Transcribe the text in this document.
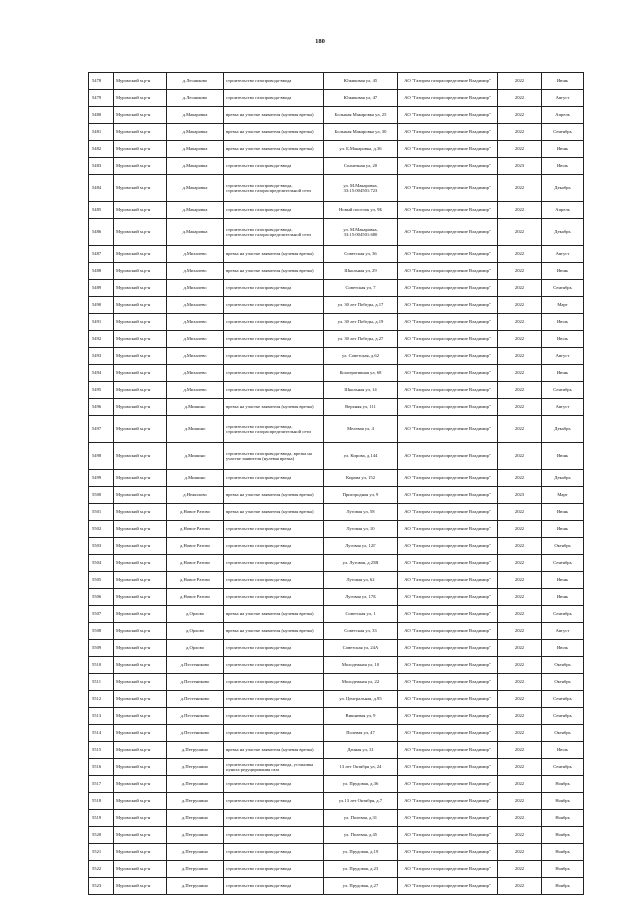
180
5478	Муромский м.р-н	д.Лесниково	строительство газопровода-ввода	Южиковая ул, 45	АО "Газпром газораспределение Владимир"	2022	Июнь
5479	Муромский м.р-н	д.Лесниково	строительство газопровода-ввода	Южиковая ул, 47	АО "Газпром газораспределение Владимир"	2022	Август
5480	Муромский м.р-н	д.Макаровка	врезка на участке заявителя (нулевая врезка)	Большая Макаровка ул, 25	АО "Газпром газораспределение Владимир"	2022	Апрель
5481	Муромский м.р-н	д.Макаровка	врезка на участке заявителя (нулевая врезка)	Большая Макаровка ул, 30	АО "Газпром газораспределение Владимир"	2022	Сентябрь
5482	Муромский м.р-н	д.Макаровка	врезка на участке заявителя (нулевая врезка)	ул. Б.Макаровка, д.36	АО "Газпром газораспределение Владимир"	2022	Июнь
5483	Муромский м.р-н	д.Макаровка	строительство газопровода-ввода	Солнечная ул, 20	АО "Газпром газораспределение Владимир"	2023	Июль
5484	Муромский м.р-н	д.Макаровка	строительство газопровода-ввода, строительство газораспределительной сети	ул. М.Макаровка, 33:15:004501:723	АО "Газпром газораспределение Владимир"	2022	Декабрь
5485	Муромский м.р-н	д.Макаровка	строительство газопровода-ввода	Новый поселок ул, 9Б	АО "Газпром газораспределение Владимир"	2022	Апрель
5486	Муромский м.р-н	д.Макаровка	строительство газопровода-ввода, строительство газораспределительной сети	ул. М.Макаровка, 33:15:004501:680	АО "Газпром газораспределение Владимир"	2022	Декабрь
5487	Муромский м.р-н	д.Михалево	врезка на участке заявителя (нулевая врезка)	Советская ул, 36	АО "Газпром газораспределение Владимир"	2022	Август
5488	Муромский м.р-н	д.Михалево	врезка на участке заявителя (нулевая врезка)	Школьная ул, 29	АО "Газпром газораспределение Владимир"	2022	Июнь
5489	Муромский м.р-н	д.Михалево	строительство газопровода-ввода	Советская ул, 7	АО "Газпром газораспределение Владимир"	2022	Сентябрь
5490	Муромский м.р-н	д.Михалево	строительство газопровода-ввода	ул. 30 лет Победы, д.17	АО "Газпром газораспределение Владимир"	2022	Март
5491	Муромский м.р-н	д.Михалево	строительство газопровода-ввода	ул. 30 лет Победы, д.19	АО "Газпром газораспределение Владимир"	2022	Июль
5492	Муромский м.р-н	д.Михалево	строительство газопровода-ввода	ул. 30 лет Победы, д.27	АО "Газпром газораспределение Владимир"	2022	Июль
5493	Муромский м.р-н	д.Михалево	строительство газопровода-ввода	ул. Советская, д.62	АО "Газпром газораспределение Владимир"	2022	Август
5494	Муромский м.р-н	д.Михалево	строительство газопровода-ввода	Кооперативная ул, 68	АО "Газпром газораспределение Владимир"	2022	Июнь
5495	Муромский м.р-н	д.Михалево	строительство газопровода-ввода	Школьная ул, 14	АО "Газпром газораспределение Владимир"	2022	Сентябрь
5496	Муромский м.р-н	д.Мишино	врезка на участке заявителя (нулевая врезка)	Верхняя ул, 111	АО "Газпром газораспределение Владимир"	2022	Август
5497	Муромский м.р-н	д.Мишино	строительство газопровода-ввода, строительство газораспределительной сети	Мелевая ул, 4	АО "Газпром газораспределение Владимир"	2022	Декабрь
5498	Муромский м.р-н	д.Мишино	строительство газопровода-ввода, врезка на участке заявителя (нулевая врезка)	ул. Кирова, д.144	АО "Газпром газораспределение Владимир"	2022	Июнь
5499	Муромский м.р-н	д.Мишино	строительство газопровода-ввода	Кирова ул, 152	АО "Газпром газораспределение Владимир"	2022	Декабрь
5500	Муромский м.р-н	д.Нежилово	врезка на участке заявителя (нулевая врезка)	Пригородная ул, 9	АО "Газпром газораспределение Владимир"	2023	Март
5501	Муромский м.р-н	д.Новое Ратово	врезка на участке заявителя (нулевая врезка)	Луговая ул, 58	АО "Газпром газораспределение Владимир"	2022	Июнь
5502	Муромский м.р-н	д.Новое Ратово	строительство газопровода-ввода	Луговая ул, 10	АО "Газпром газораспределение Владимир"	2022	Июнь
5503	Муромский м.р-н	д.Новое Ратово	строительство газопровода-ввода	Луговая ул, 12Г	АО "Газпром газораспределение Владимир"	2022	Октябрь
5504	Муромский м.р-н	д.Новое Ратово	строительство газопровода-ввода	ул. Луговая, д.25В	АО "Газпром газораспределение Владимир"	2022	Сентябрь
5505	Муромский м.р-н	д.Новое Ратово	строительство газопровода-ввода	Луговая ул, 62	АО "Газпром газораспределение Владимир"	2022	Июнь
5506	Муромский м.р-н	д.Новое Ратово	строительство газопровода-ввода	Луговая ул, 17Б	АО "Газпром газораспределение Владимир"	2022	Июнь
5507	Муромский м.р-н	д.Орлово	врезка на участке заявителя (нулевая врезка)	Советская ул, 1	АО "Газпром газораспределение Владимир"	2022	Сентябрь
5508	Муромский м.р-н	д.Орлово	врезка на участке заявителя (нулевая врезка)	Советская ул, 33	АО "Газпром газораспределение Владимир"	2022	Август
5509	Муромский м.р-н	д.Орлово	строительство газопровода-ввода	Советская ул, 24А	АО "Газпром газораспределение Владимир"	2022	Июль
5510	Муромский м.р-н	д.Пестениково	строительство газопровода-ввода	Молодежная ул, 10	АО "Газпром газораспределение Владимир"	2022	Октябрь
5511	Муромский м.р-н	д.Пестениково	строительство газопровода-ввода	Молодежная ул, 22	АО "Газпром газораспределение Владимир"	2022	Октябрь
5512	Муромский м.р-н	д.Пестениково	строительство газопровода-ввода	ул. Центральная, д.95	АО "Газпром газораспределение Владимир"	2022	Сентябрь
5513	Муромский м.р-н	д.Пестениково	строительство газопровода-ввода	Вишневая ул, 9	АО "Газпром газораспределение Владимир"	2022	Сентябрь
5514	Муромский м.р-н	д.Пестениково	строительство газопровода-ввода	Полевая ул, 47	АО "Газпром газораспределение Владимир"	2022	Октябрь
5515	Муромский м.р-н	д.Петрушино	врезка на участке заявителя (нулевая врезка)	Дачная ул, 31	АО "Газпром газораспределение Владимир"	2022	Июль
5516	Муромский м.р-н	д.Петрушино	строительство газопровода-ввода, установка пункта редуцирования газа	13 лет Октября ул, 24	АО "Газпром газораспределение Владимир"	2022	Сентябрь
5517	Муромский м.р-н	д.Петрушино	строительство газопровода-ввода	ул. Прудовая, д.36	АО "Газпром газораспределение Владимир"	2022	Ноябрь
5518	Муромский м.р-н	д.Петрушино	строительство газопровода-ввода	ул.13 лет Октября, д.7	АО "Газпром газораспределение Владимир"	2022	Ноябрь
5519	Муромский м.р-н	д.Петрушино	строительство газопровода-ввода	ул. Полевая, д.31	АО "Газпром газораспределение Владимир"	2022	Ноябрь
5520	Муромский м.р-н	д.Петрушино	строительство газопровода-ввода	ул. Полевая, д.45	АО "Газпром газораспределение Владимир"	2022	Ноябрь
5521	Муромский м.р-н	д.Петрушино	строительство газопровода-ввода	ул. Прудовая, д.19	АО "Газпром газораспределение Владимир"	2022	Ноябрь
5522	Муромский м.р-н	д.Петрушино	строительство газопровода-ввода	ул. Прудовая, д.23	АО "Газпром газораспределение Владимир"	2022	Ноябрь
5523	Муромский м.р-н	д.Петрушино	строительство газопровода-ввода	ул. Прудовая, д.27	АО "Газпром газораспределение Владимир"	2022	Ноябрь
